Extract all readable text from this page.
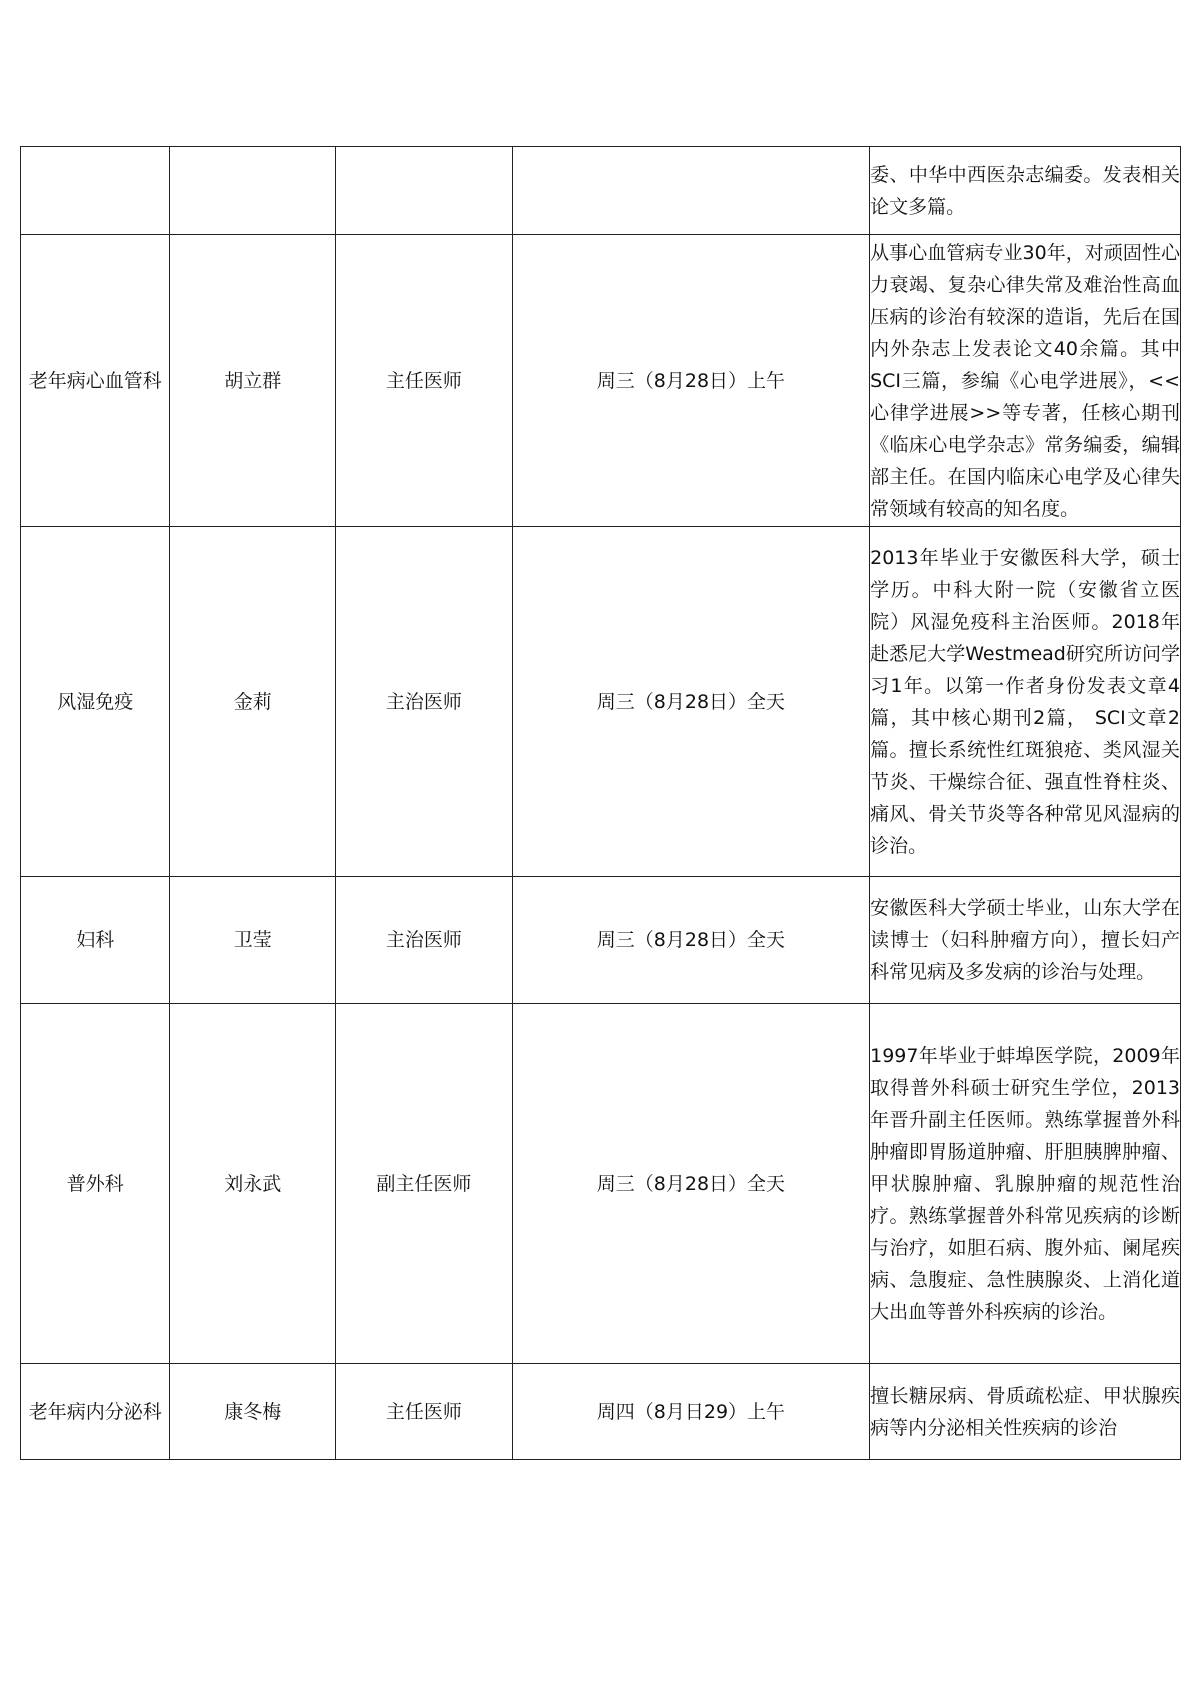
				委、中华中西医杂志编委。发表相关论文多篇。
老年病心血管科	胡立群	主任医师	周三（8月28日）上午	从事心血管病专业30年，对顽固性心力衰竭、复杂心律失常及难治性高血压病的诊治有较深的造诣，先后在国内外杂志上发表论文40余篇。其中SCI三篇，参编《心电学进展》，<<心律学进展>>等专著，任核心期刊《临床心电学杂志》常务编委，编辑部主任。在国内临床心电学及心律失常领域有较高的知名度。
风湿免疫	金莉	主治医师	周三（8月28日）全天	2013年毕业于安徽医科大学，硕士学历。中科大附一院（安徽省立医院）风湿免疫科主治医师。2018年赴悉尼大学Westmead研究所访问学习1年。以第一作者身份发表文章4篇，其中核心期刊2篇， SCI文章2篇。擅长系统性红斑狼疮、类风湿关节炎、干燥综合征、强直性脊柱炎、痛风、骨关节炎等各种常见风湿病的诊治。
妇科	卫莹	主治医师	周三（8月28日）全天	安徽医科大学硕士毕业，山东大学在读博士（妇科肿瘤方向），擅长妇产科常见病及多发病的诊治与处理。
普外科	刘永武	副主任医师	周三（8月28日）全天	1997年毕业于蚌埠医学院，2009年取得普外科硕士研究生学位，2013年晋升副主任医师。熟练掌握普外科肿瘤即胃肠道肿瘤、肝胆胰脾肿瘤、甲状腺肿瘤、乳腺肿瘤的规范性治疗。熟练掌握普外科常见疾病的诊断与治疗，如胆石病、腹外疝、阑尾疾病、急腹症、急性胰腺炎、上消化道大出血等普外科疾病的诊治。
老年病内分泌科	康冬梅	主任医师	周四（8月日29）上午	擅长糖尿病、骨质疏松症、甲状腺疾病等内分泌相关性疾病的诊治
